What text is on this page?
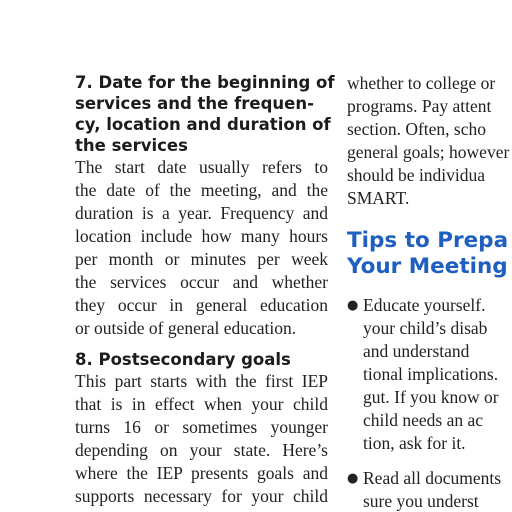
7. Date for the beginning of
services and the frequen-
cy, location and duration of
the services
The start date usually refers to
the date of the meeting, and the
duration is a year. Frequency and
location include how many hours
per month or minutes per week
the services occur and whether
they occur in general education
or outside of general education.
8. Postsecondary goals
This part starts with the first IEP
that is in effect when your child
turns 16 or sometimes younger
depending on your state. Here’s
where the IEP presents goals and
supports necessary for your child
whether to college or
programs. Pay attent
section. Often, scho
general goals; however
should be individua
SMART.
Tips to Prepa
Your Meeting
● Educate yourself.
your child’s disab
and understand
tional implications.
gut. If you know or
child needs an ac
tion, ask for it.
● Read all documents
sure you underst
